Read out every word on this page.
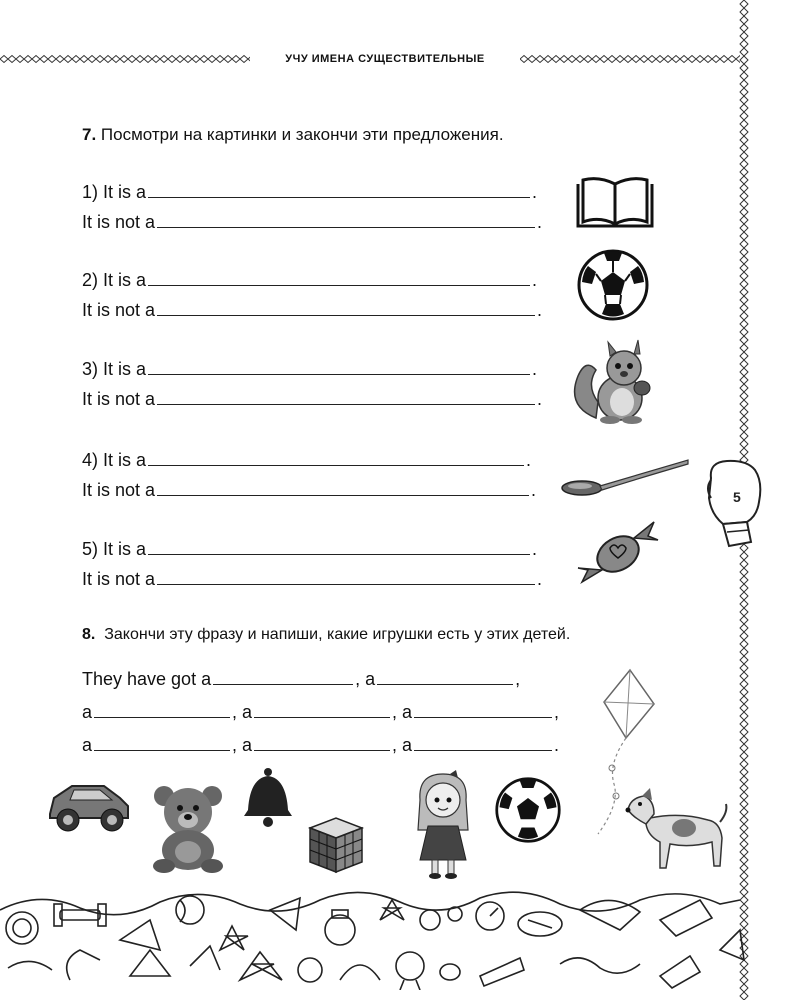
УЧУ ИМЕНА СУЩЕСТВИТЕЛЬНЫЕ
5
7. Посмотри на картинки и закончи эти предложения.
1) It is a	.
It is not a	.
2) It is a	.
It is not a	.
3) It is a	.
It is not a	.
4) It is a	.
It is not a	.
5) It is a	.
It is not a	.
8. Закончи эту фразу и напиши, какие игрушки есть у этих детей.
They have got a	, a	,
a	, a	, a	,
a	, a	, a	.
